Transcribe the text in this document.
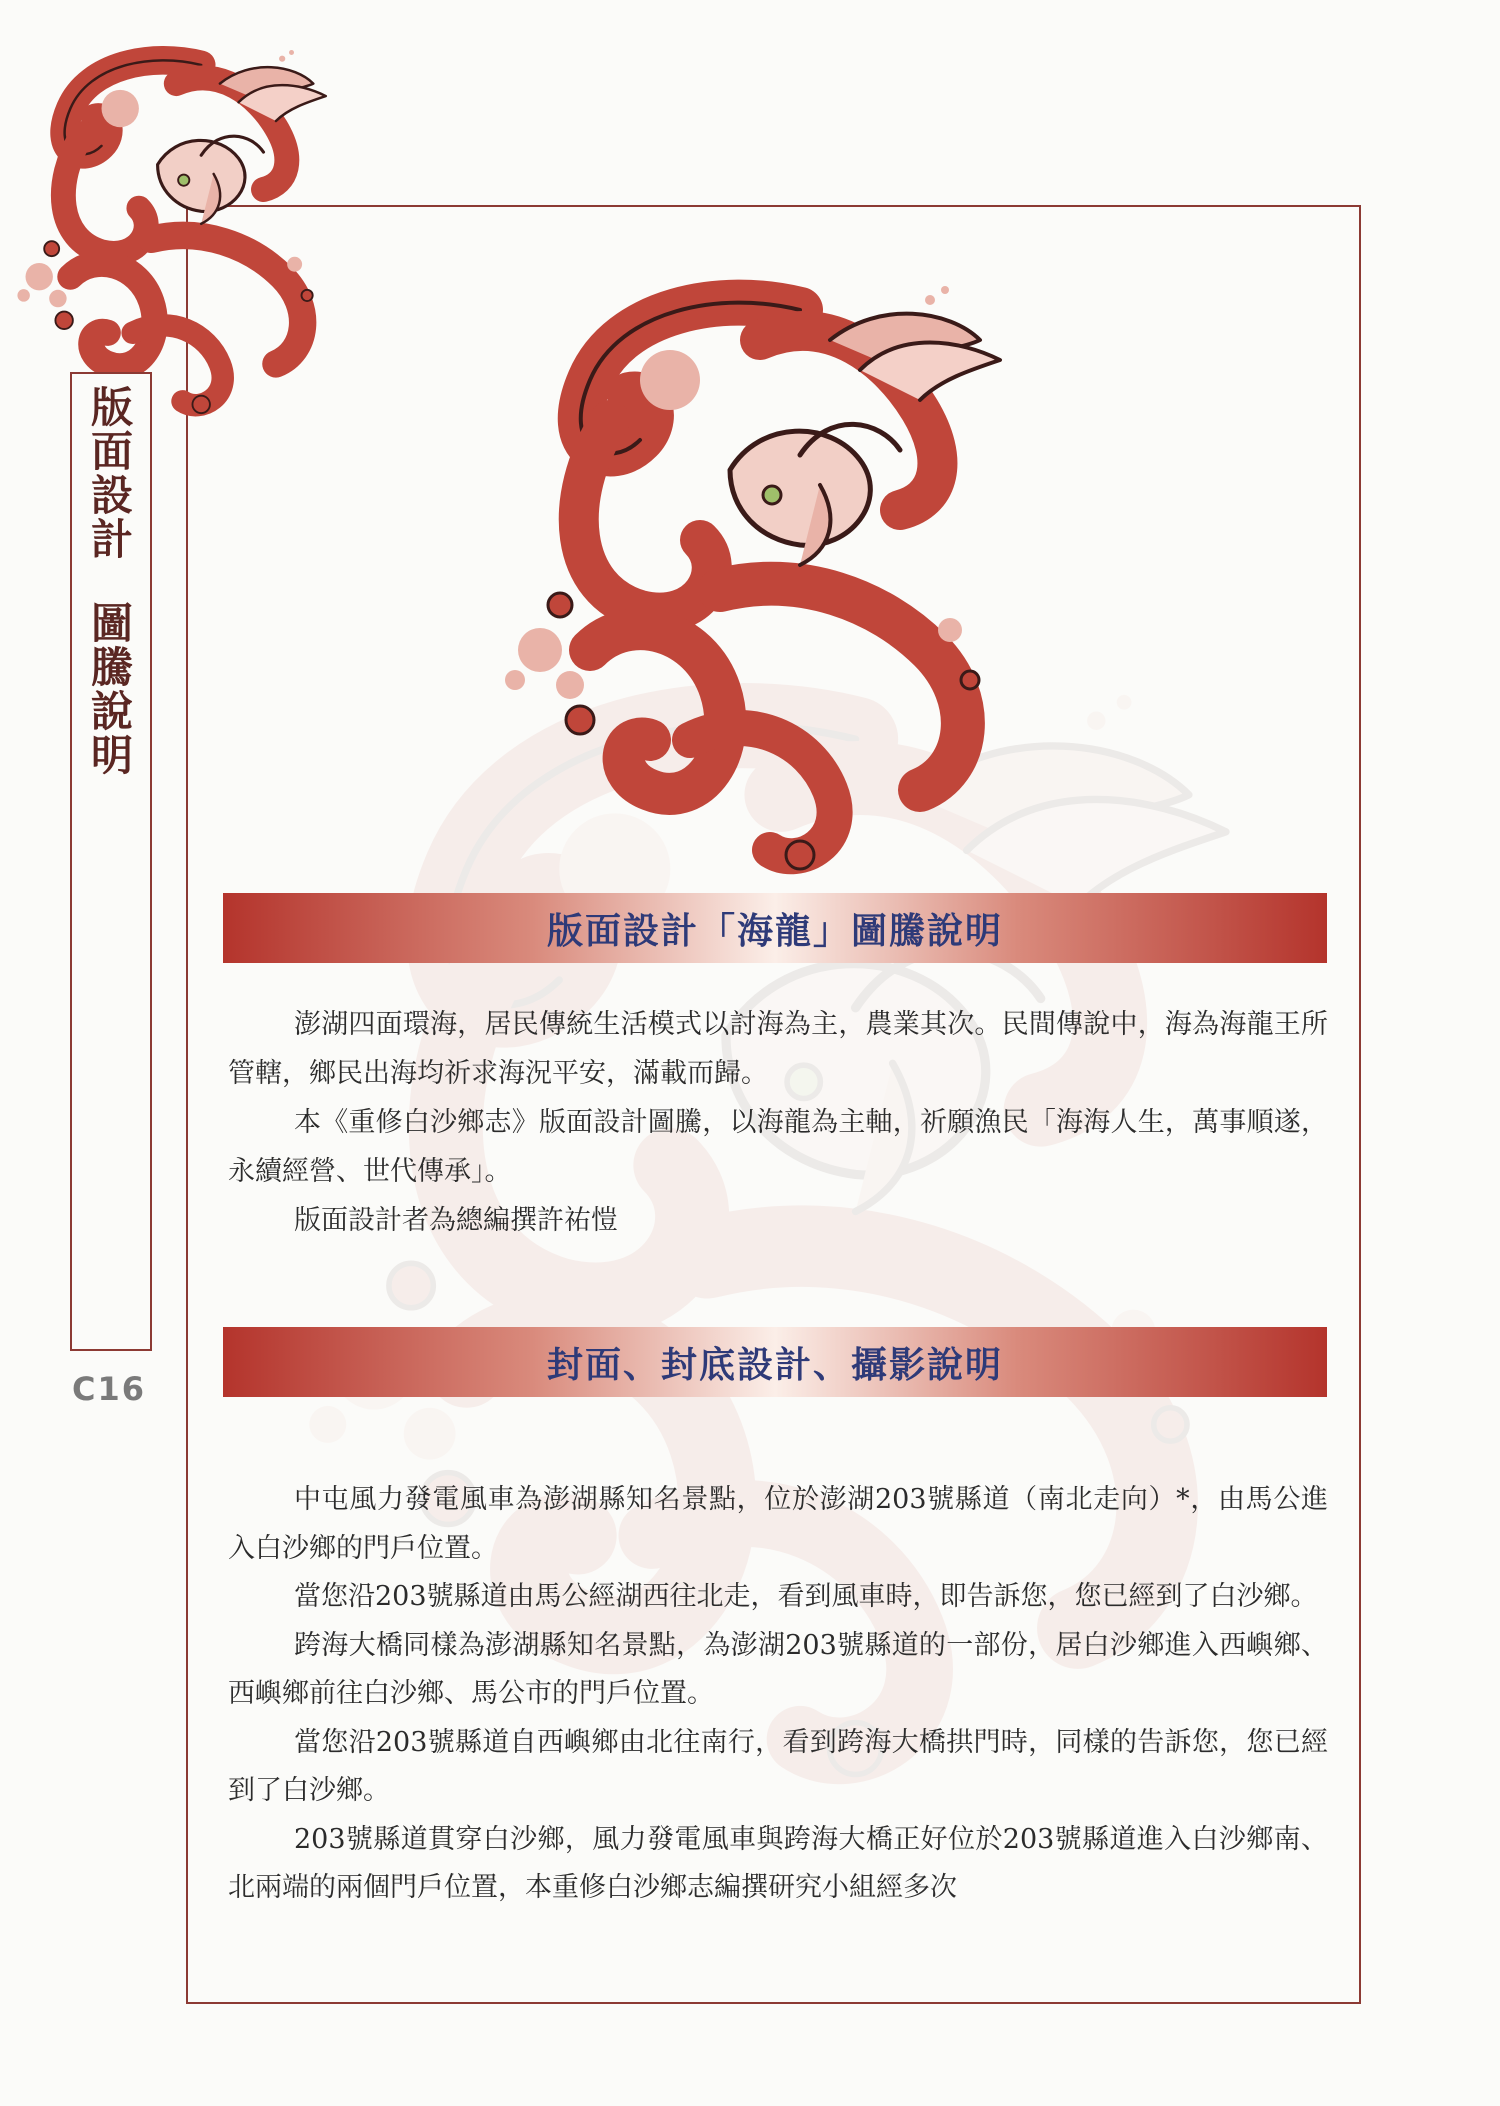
版面設計圖騰說明
C16
版面設計「海龍」圖騰說明

澎湖四面環海，居民傳統生活模式以討海為主，農業其次。民間傳說中，海為海龍王所管轄，鄉民出海均祈求海況平安，滿載而歸。

本《重修白沙鄉志》版面設計圖騰，以海龍為主軸，祈願漁民「海海人生，萬事順遂，永續經營、世代傳承」。

版面設計者為總編撰許祐愷

封面、封底設計、攝影說明

中屯風力發電風車為澎湖縣知名景點，位於澎湖203號縣道（南北走向）*，由馬公進入白沙鄉的門戶位置。

當您沿203號縣道由馬公經湖西往北走，看到風車時，即告訴您，您已經到了白沙鄉。

跨海大橋同樣為澎湖縣知名景點，為澎湖203號縣道的一部份，居白沙鄉進入西嶼鄉、西嶼鄉前往白沙鄉、馬公市的門戶位置。

當您沿203號縣道自西嶼鄉由北往南行，看到跨海大橋拱門時，同樣的告訴您，您已經到了白沙鄉。

203號縣道貫穿白沙鄉，風力發電風車與跨海大橋正好位於203號縣道進入白沙鄉南、北兩端的兩個門戶位置，本重修白沙鄉志編撰研究小組經多次
